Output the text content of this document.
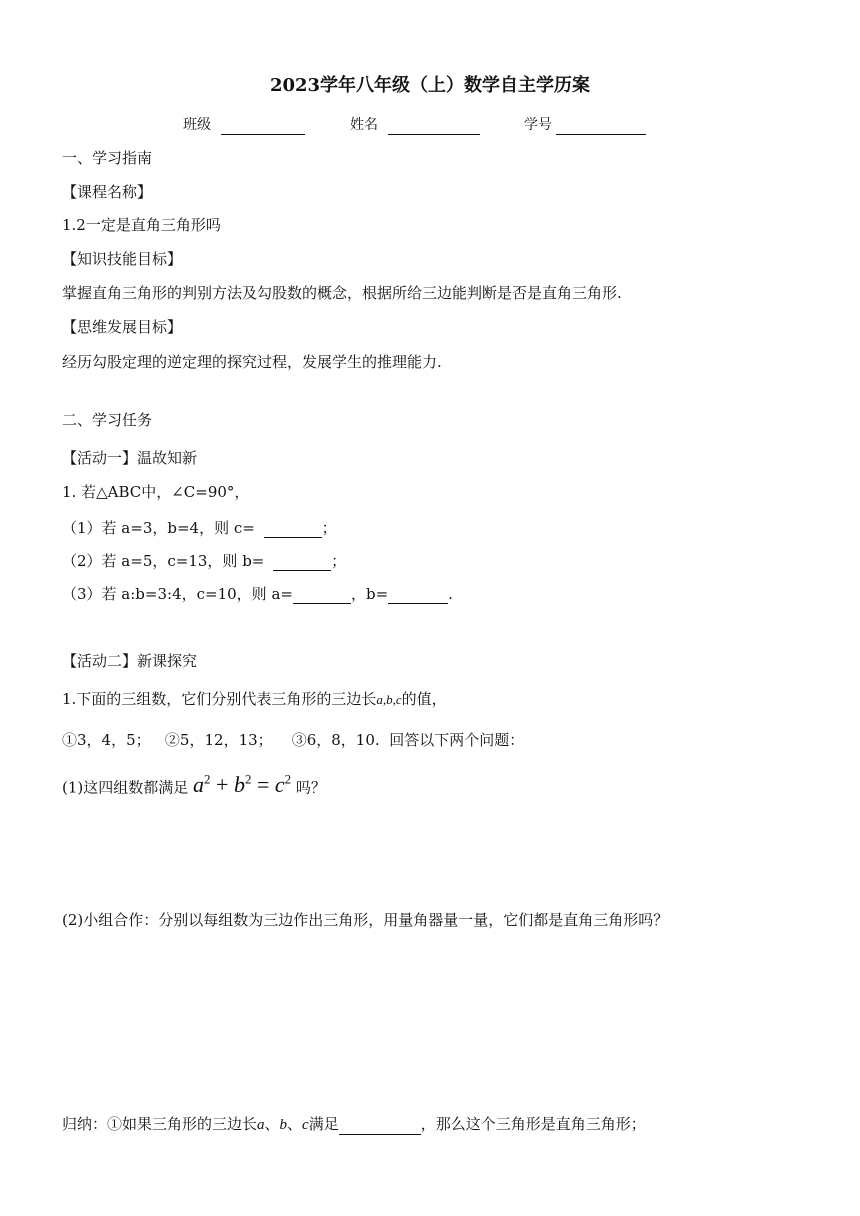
2023学年八年级（上）数学自主学历案
班级	姓名	学号
一、学习指南
【课程名称】
1.2一定是直角三角形吗
【知识技能目标】
掌握直角三角形的判别方法及勾股数的概念，根据所给三边能判断是否是直角三角形.
【思维发展目标】
经历勾股定理的逆定理的探究过程，发展学生的推理能力.
二、学习任务
【活动一】温故知新
1. 若△ABC中，∠C=90°，
（1）若 a=3，b=4，则 c=	；
（2）若 a=5，c=13，则 b=	；
（3）若 a:b=3:4，c=10，则 a=	，b=	.
【活动二】新课探究
1.下面的三组数，它们分别代表三角形的三边长a,b,c的值，
①3，4，5；   ②5，12，13；    ③6，8，10.  回答以下两个问题：
(1)这四组数都满足 $a^2 + b^2 = c^2$ 吗？
(2)小组合作：分别以每组数为三边作出三角形，用量角器量一量，它们都是直角三角形吗？
归纳：①如果三角形的三边长a、b、c满足	，那么这个三角形是直角三角形；
